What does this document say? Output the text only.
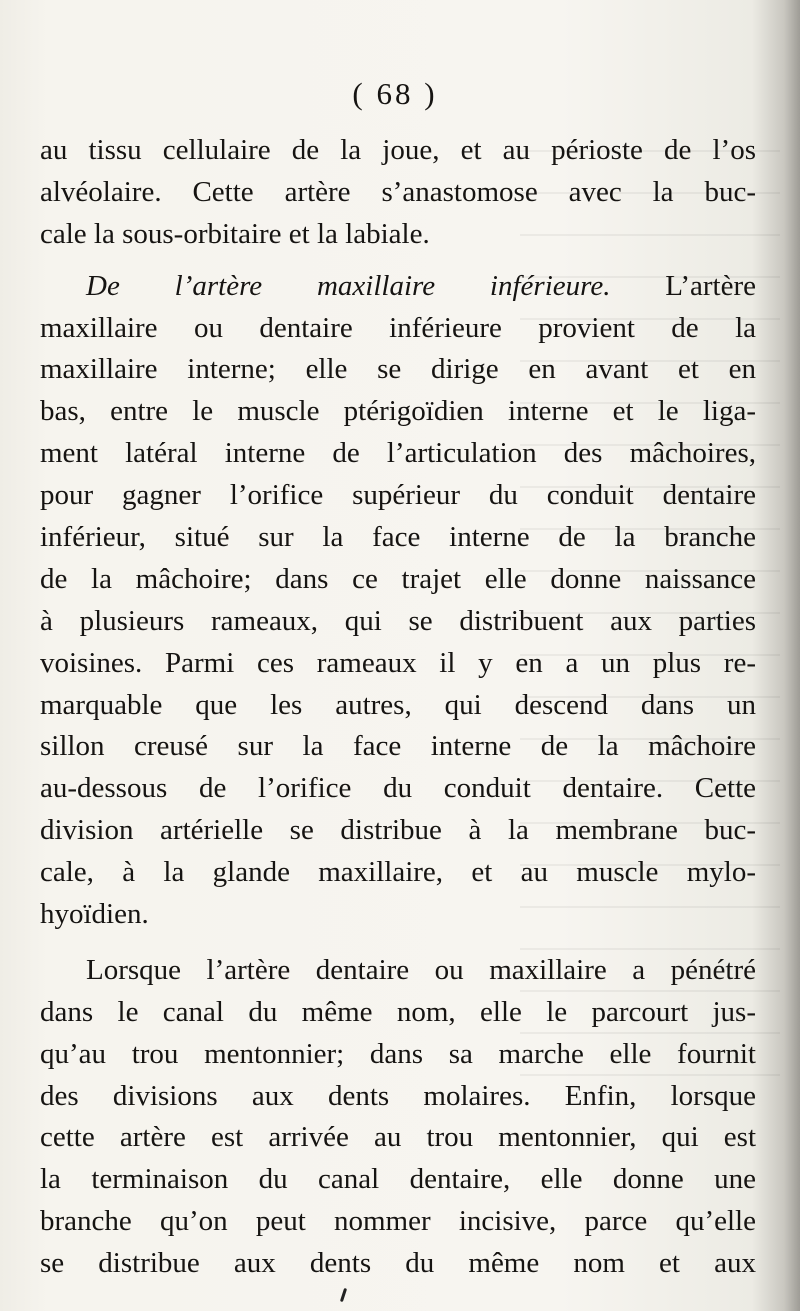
( 68 )
au tissu cellulaire de la joue, et au périoste de l’os
alvéolaire. Cette artère s’anastomose avec la buc-
cale la sous-orbitaire et la labiale.
De l’artère maxillaire inférieure. L’artère
maxillaire ou dentaire inférieure provient de la
maxillaire interne; elle se dirige en avant et en
bas, entre le muscle ptérigoïdien interne et le liga-
ment latéral interne de l’articulation des mâchoires,
pour gagner l’orifice supérieur du conduit dentaire
inférieur, situé sur la face interne de la branche
de la mâchoire; dans ce trajet elle donne naissance
à plusieurs rameaux, qui se distribuent aux parties
voisines. Parmi ces rameaux il y en a un plus re-
marquable que les autres, qui descend dans un
sillon creusé sur la face interne de la mâchoire
au-dessous de l’orifice du conduit dentaire. Cette
division artérielle se distribue à la membrane buc-
cale, à la glande maxillaire, et au muscle mylo-
hyoïdien.
Lorsque l’artère dentaire ou maxillaire a pénétré
dans le canal du même nom, elle le parcourt jus-
qu’au trou mentonnier; dans sa marche elle fournit
des divisions aux dents molaires. Enfin, lorsque
cette artère est arrivée au trou mentonnier, qui est
la terminaison du canal dentaire, elle donne une
branche qu’on peut nommer incisive, parce qu’elle
se distribue aux dents du même nom et aux
